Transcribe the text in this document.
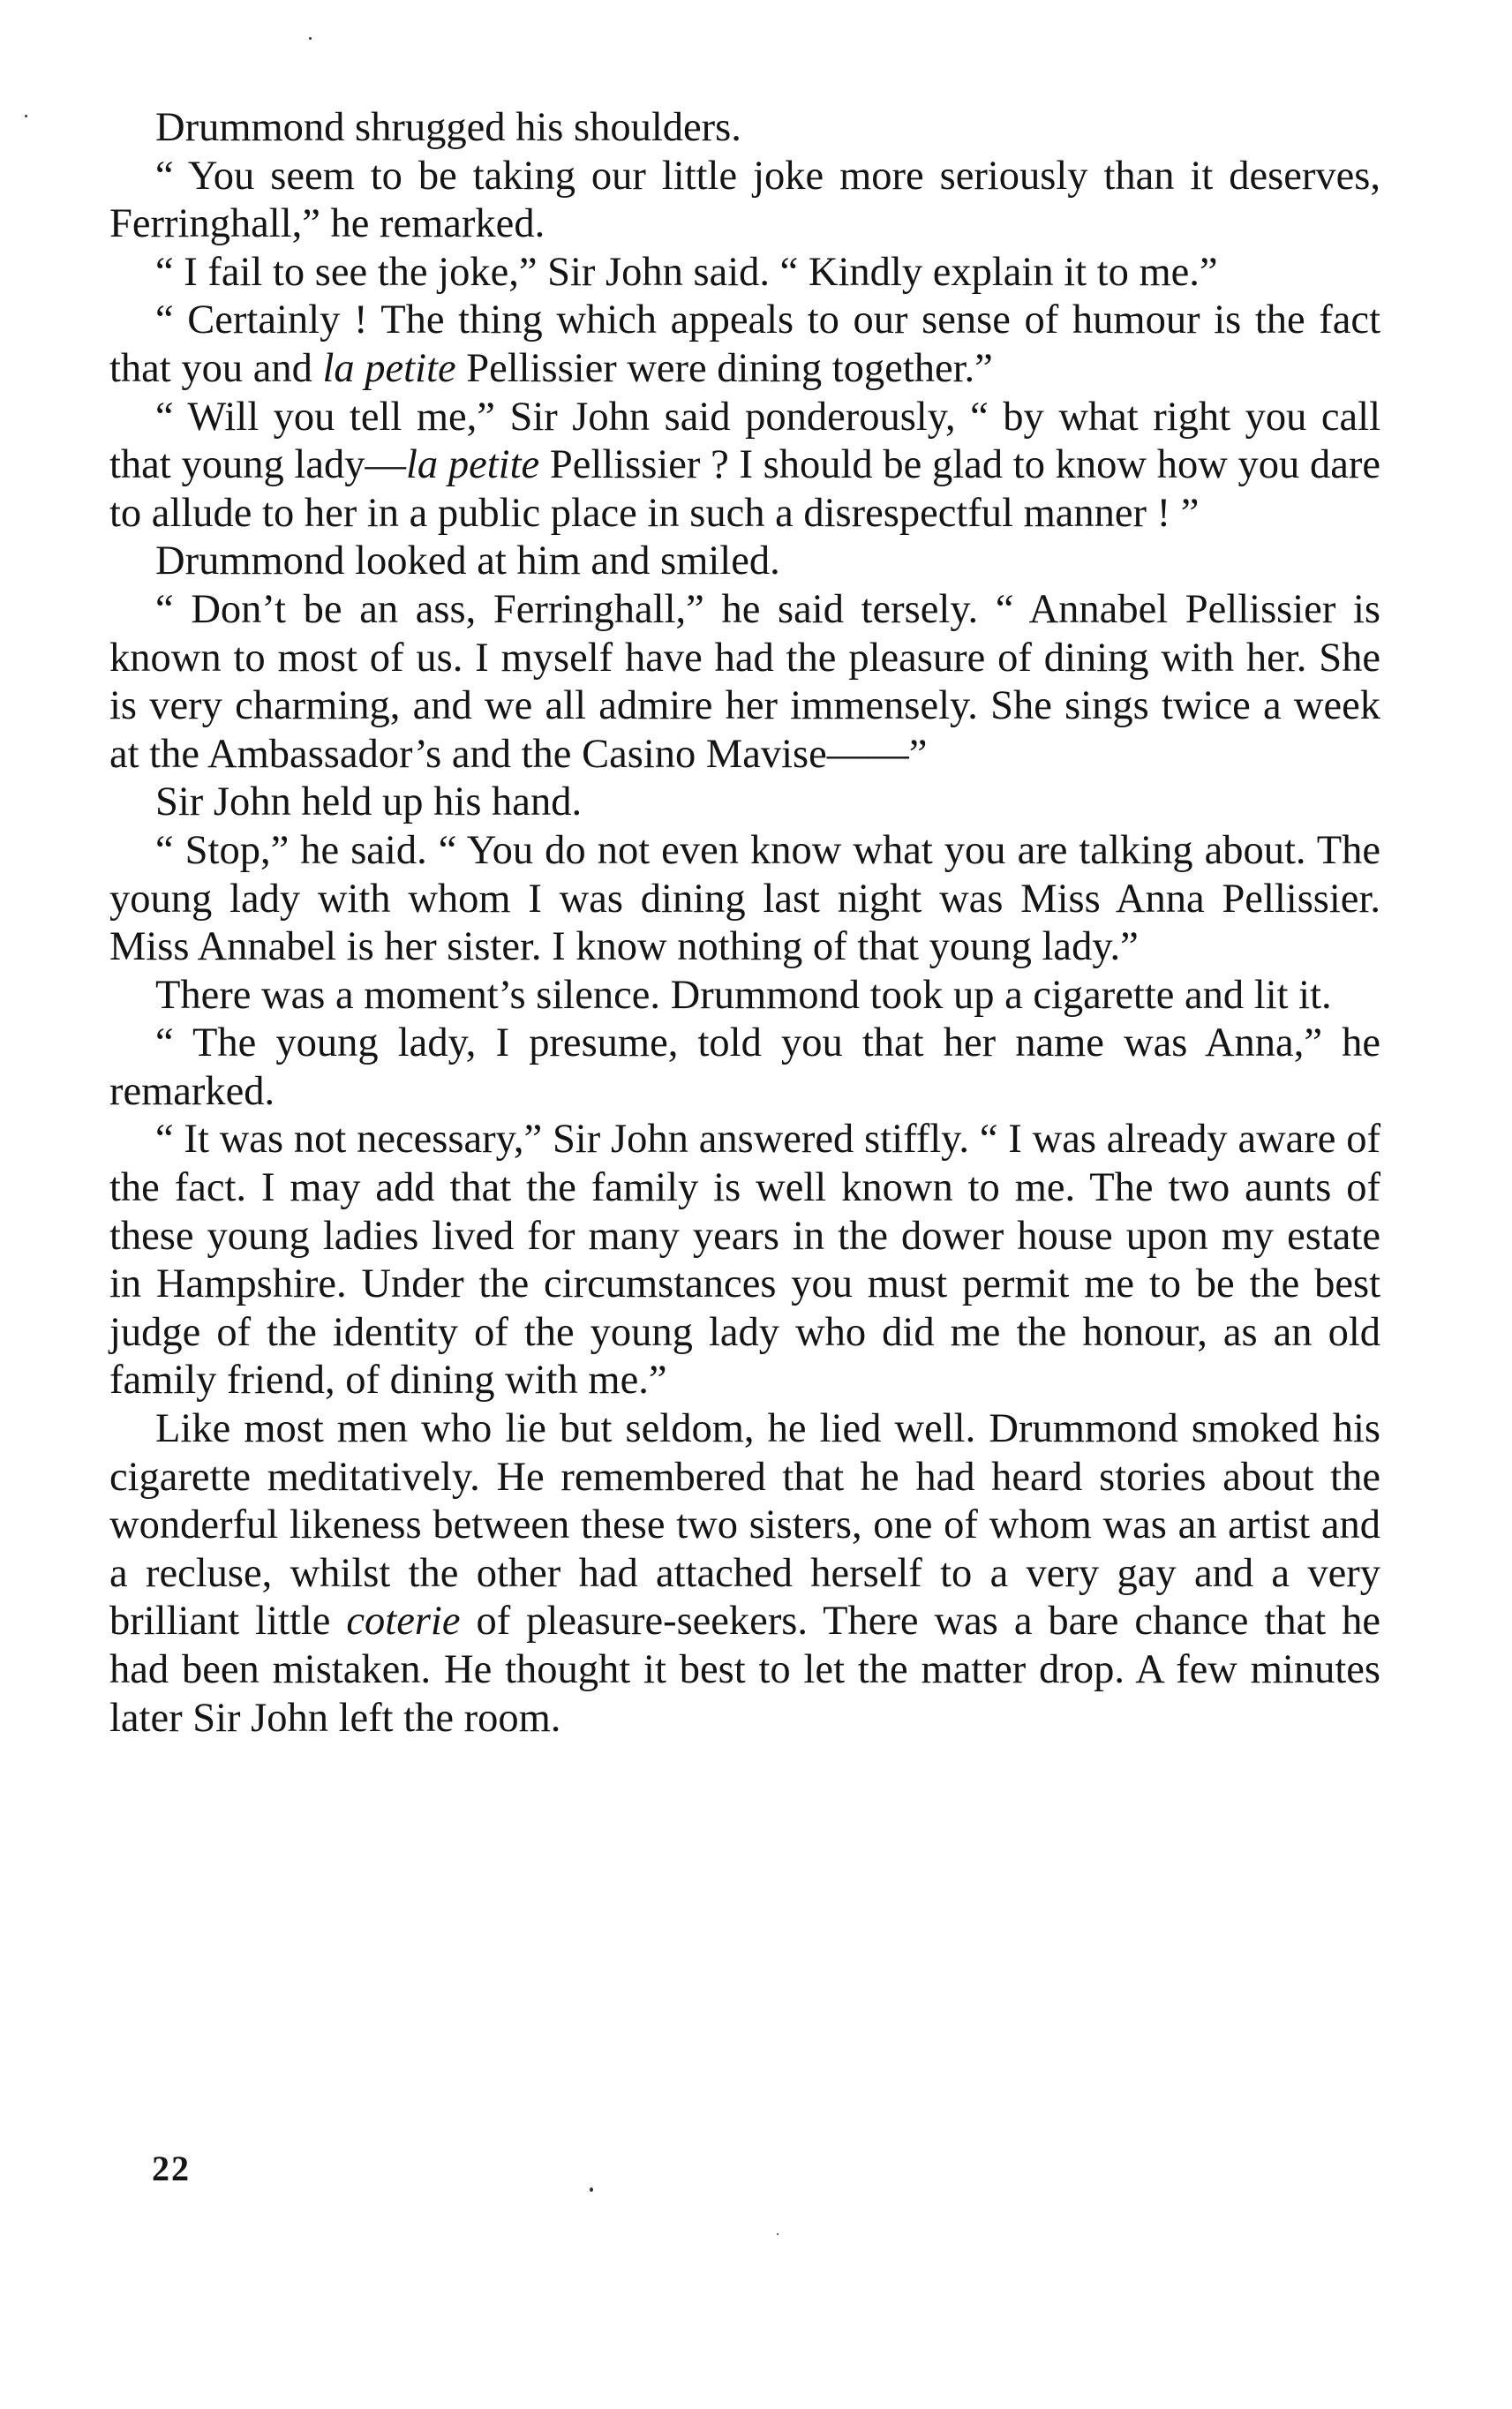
Drummond shrugged his shoulders.

“ You seem to be taking our little joke more seriously than it deserves, Ferringhall,” he remarked.

“ I fail to see the joke,” Sir John said. “ Kindly explain it to me.”

“ Certainly ! The thing which appeals to our sense of humour is the fact that you and la petite Pellissier were dining together.”

“ Will you tell me,” Sir John said ponderously, “ by what right you call that young lady—la petite Pellissier ? I should be glad to know how you dare to allude to her in a public place in such a disrespectful manner ! ”

Drummond looked at him and smiled.

“ Don’t be an ass, Ferringhall,” he said tersely. “ Annabel Pellissier is known to most of us. I myself have had the pleasure of dining with her. She is very charming, and we all admire her immensely. She sings twice a week at the Ambassador’s and the Casino Mavise——”

Sir John held up his hand.

“ Stop,” he said. “ You do not even know what you are talking about. The young lady with whom I was dining last night was Miss Anna Pellissier. Miss Annabel is her sister. I know nothing of that young lady.”

There was a moment’s silence. Drummond took up a cigarette and lit it.

“ The young lady, I presume, told you that her name was Anna,” he remarked.

“ It was not necessary,” Sir John answered stiffly. “ I was already aware of the fact. I may add that the family is well known to me. The two aunts of these young ladies lived for many years in the dower house upon my estate in Hampshire. Under the circumstances you must permit me to be the best judge of the identity of the young lady who did me the honour, as an old family friend, of dining with me.”

Like most men who lie but seldom, he lied well. Drummond smoked his cigarette meditatively. He remembered that he had heard stories about the wonderful likeness between these two sisters, one of whom was an artist and a recluse, whilst the other had attached herself to a very gay and a very brilliant little coterie of pleasure-seekers. There was a bare chance that he had been mistaken. He thought it best to let the matter drop. A few minutes later Sir John left the room.

22
